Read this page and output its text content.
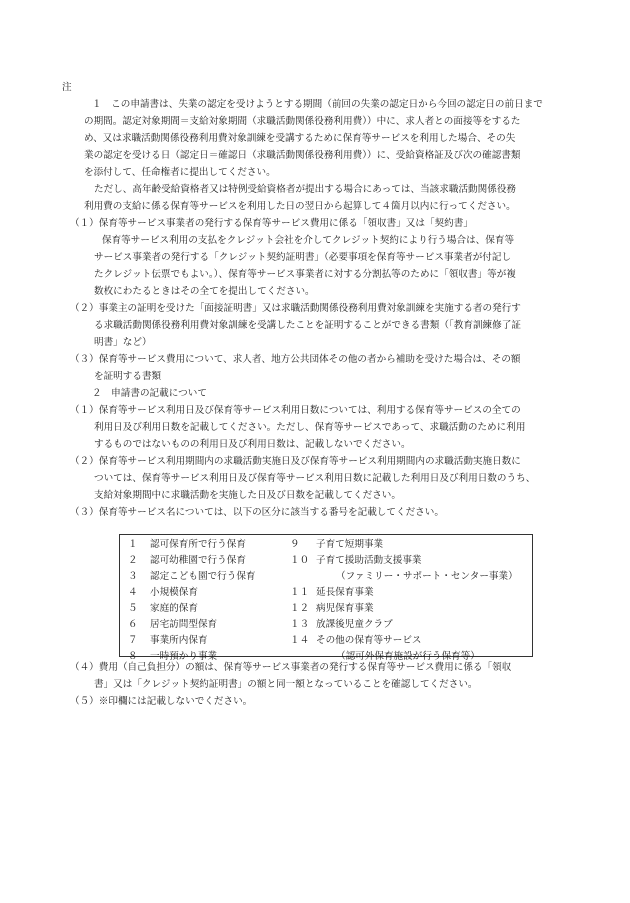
注
１　この申請書は、失業の認定を受けようとする期間（前回の失業の認定日から今回の認定日の前日まで
の期間。認定対象期間＝支給対象期間（求職活動関係役務利用費））中に、求人者との面接等をするた
め、又は求職活動関係役務利用費対象訓練を受講するために保育等サービスを利用した場合、その失
業の認定を受ける日（認定日＝確認日（求職活動関係役務利用費））に、受給資格証及び次の確認書類
を添付して、任命権者に提出してください。
ただし、高年齢受給資格者又は特例受給資格者が提出する場合にあっては、当該求職活動関係役務
利用費の支給に係る保育等サービスを利用した日の翌日から起算して４箇月以内に行ってください。
（１）保育等サービス事業者の発行する保育等サービス費用に係る「領収書」又は「契約書」
保育等サービス利用の支払をクレジット会社を介してクレジット契約により行う場合は、保育等
サービス事業者の発行する「クレジット契約証明書」（必要事項を保育等サービス事業者が付記し
たクレジット伝票でもよい。）、保育等サービス事業者に対する分割払等のために「領収書」等が複
数枚にわたるときはその全てを提出してください。
（２）事業主の証明を受けた「面接証明書」又は求職活動関係役務利用費対象訓練を実施する者の発行す
る求職活動関係役務利用費対象訓練を受講したことを証明することができる書類（「教育訓練修了証
明書」など）
（３）保育等サービス費用について、求人者、地方公共団体その他の者から補助を受けた場合は、その額
を証明する書類
２　申請書の記載について
（１）保育等サービス利用日及び保育等サービス利用日数については、利用する保育等サービスの全ての
利用日及び利用日数を記載してください。ただし、保育等サービスであって、求職活動のために利用
するものではないものの利用日及び利用日数は、記載しないでください。
（２）保育等サービス利用期間内の求職活動実施日及び保育等サービス利用期間内の求職活動実施日数に
ついては、保育等サービス利用日及び保育等サービス利用日数に記載した利用日及び利用日数のうち、
支給対象期間中に求職活動を実施した日及び日数を記載してください。
（３）保育等サービス名については、以下の区分に該当する番号を記載してください。
１ 認可保育所で行う保育
２ 認可幼稚園で行う保育
３ 認定こども園で行う保育
４ 小規模保育
５ 家庭的保育
６ 居宅訪問型保育
７ 事業所内保育
８ 一時預かり事業
９ 子育て短期事業
１０ 子育て援助活動支援事業
（ファミリー・サポート・センター事業）
１１ 延長保育事業
１２ 病児保育事業
１３ 放課後児童クラブ
１４ その他の保育等サービス
（認可外保育施設が行う保育等）
（４）費用（自己負担分）の額は、保育等サービス事業者の発行する保育等サービス費用に係る「領収
書」又は「クレジット契約証明書」の額と同一額となっていることを確認してください。
（５）※印欄には記載しないでください。
